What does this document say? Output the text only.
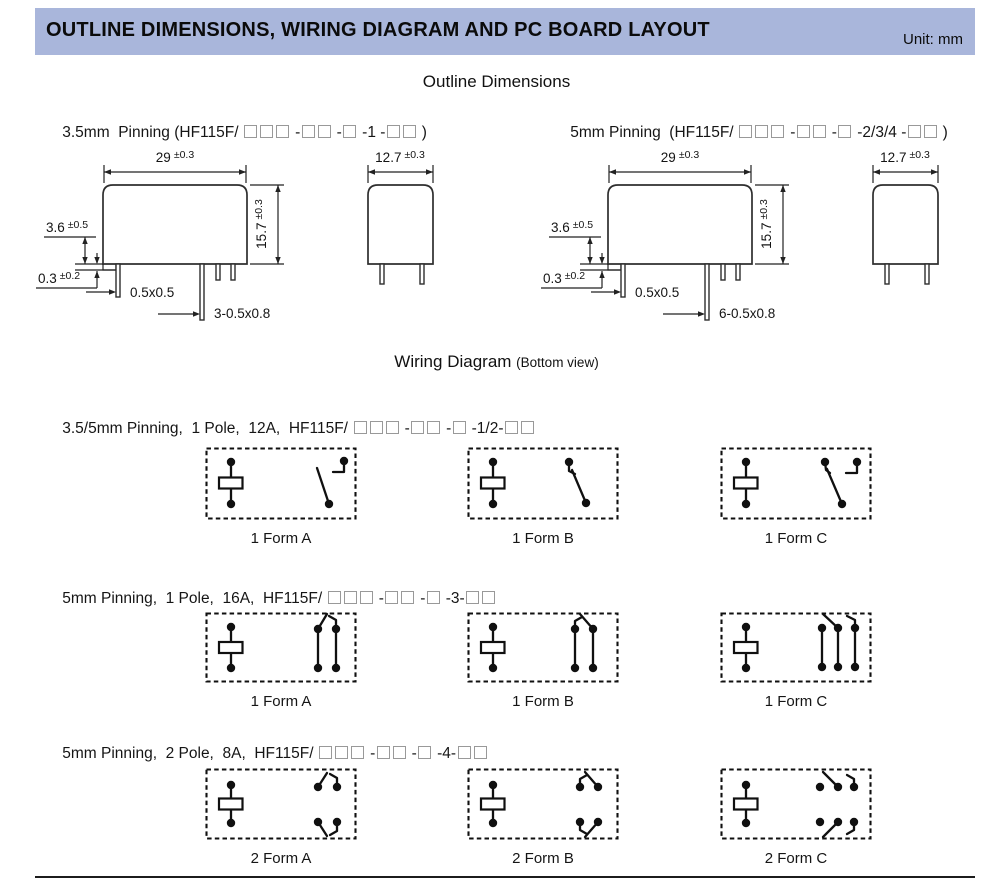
OUTLINE DIMENSIONS, WIRING DIAGRAM AND PC BOARD LAYOUT	Unit: mm
Outline Dimensions

3.5mm  Pinning (HF115F/	- - -1 - )
	5mm Pinning  (HF115F/	- - -2/3/4 - )

29 $^{\pm 0.3}$
$15.7^{\pm 0.3}$
3.6 $^{\pm 0.5}$
0.3 $^{\pm 0.2}$
0.5x0.5
3-0.5x0.8
12.7 $^{\pm 0.3}$	29 $^{\pm 0.3}$
$15.7^{\pm 0.3}$
3.6 $^{\pm 0.5}$
0.3 $^{\pm 0.2}$
0.5x0.5
6-0.5x0.8
12.7 $^{\pm 0.3}$
Wiring Diagram (Bottom view)

3.5/5mm Pinning,  1 Pole,  12A,  HF115F/	- - -1/2-

1 Form A	1 Form B	1 Form C

5mm Pinning,  1 Pole,  16A,  HF115F/	- - -3-

1 Form A	1 Form B	1 Form C

5mm Pinning,  2 Pole,  8A,  HF115F/	- - -4-

2 Form A	2 Form B	2 Form C
